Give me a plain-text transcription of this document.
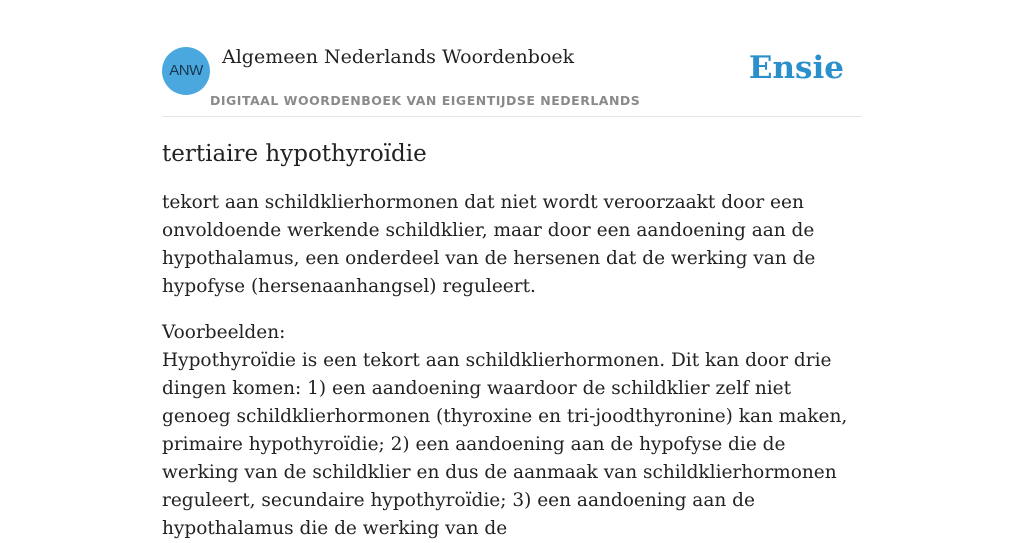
ANW
Algemeen Nederlands Woordenboek
DIGITAAL WOORDENBOEK VAN EIGENTIJDSE NEDERLANDS
Ensie
tertiaire hypothyroïdie

tekort aan schildklierhormonen dat niet wordt veroorzaakt door een onvoldoende werkende schildklier, maar door een aandoening aan de hypothalamus, een onderdeel van de hersenen dat de werking van de hypofyse (hersenaanhangsel) reguleert.

Voorbeelden:
Hypothyroïdie is een tekort aan schildklierhormonen. Dit kan door drie dingen komen: 1) een aandoening waardoor de schildklier zelf niet genoeg schildklierhormonen (thyroxine en tri-joodthyronine) kan maken, primaire hypothyroïdie; 2) een aandoening aan de hypofyse die de werking van de schildklier en dus de aanmaak van schildklierhormonen reguleert, secundaire hypothyroïdie; 3) een aandoening aan de hypothalamus die de werking van de
